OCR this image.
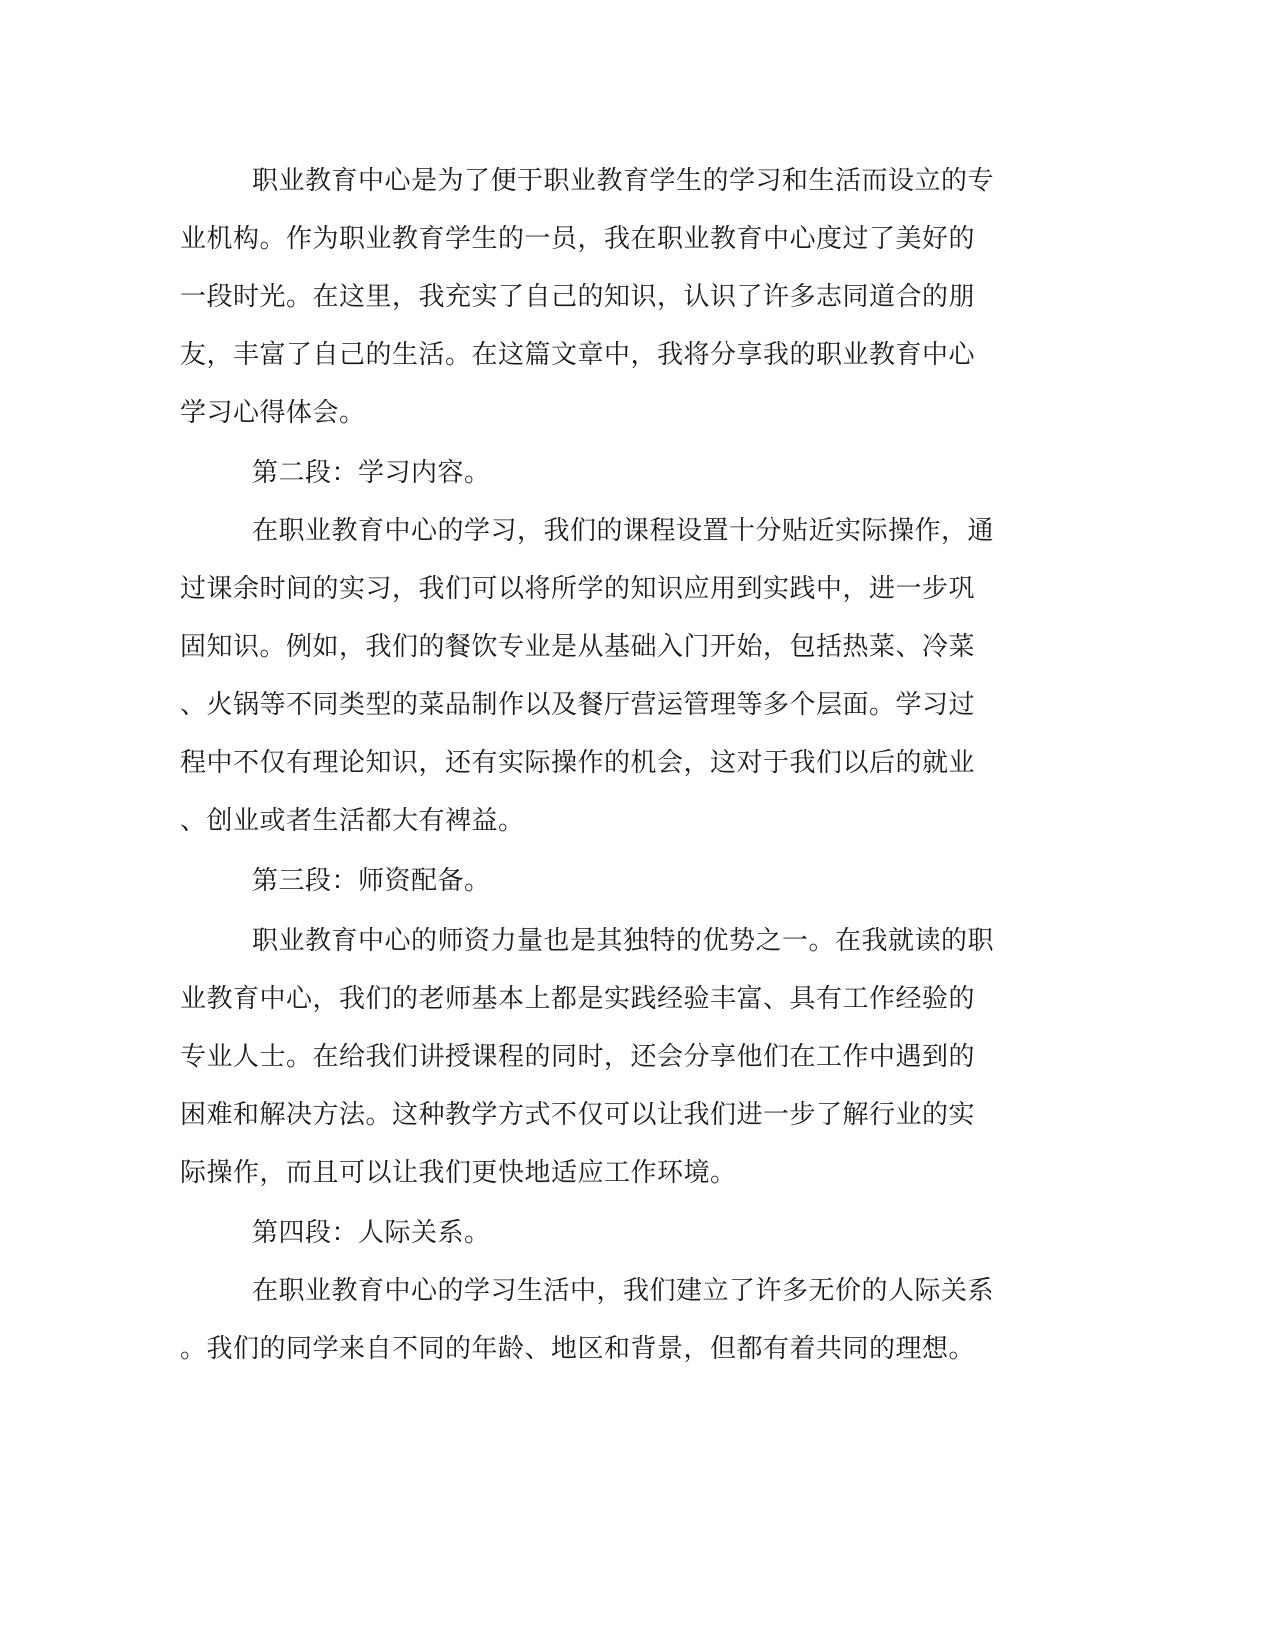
职业教育中心是为了便于职业教育学生的学习和生活而设立的专
业机构。作为职业教育学生的一员，我在职业教育中心度过了美好的
一段时光。在这里，我充实了自己的知识，认识了许多志同道合的朋
友，丰富了自己的生活。在这篇文章中，我将分享我的职业教育中心
学习心得体会。
第二段：学习内容。
在职业教育中心的学习，我们的课程设置十分贴近实际操作，通
过课余时间的实习，我们可以将所学的知识应用到实践中，进一步巩
固知识。例如，我们的餐饮专业是从基础入门开始，包括热菜、冷菜
、火锅等不同类型的菜品制作以及餐厅营运管理等多个层面。学习过
程中不仅有理论知识，还有实际操作的机会，这对于我们以后的就业
、创业或者生活都大有裨益。
第三段：师资配备。
职业教育中心的师资力量也是其独特的优势之一。在我就读的职
业教育中心，我们的老师基本上都是实践经验丰富、具有工作经验的
专业人士。在给我们讲授课程的同时，还会分享他们在工作中遇到的
困难和解决方法。这种教学方式不仅可以让我们进一步了解行业的实
际操作，而且可以让我们更快地适应工作环境。
第四段：人际关系。
在职业教育中心的学习生活中，我们建立了许多无价的人际关系
。我们的同学来自不同的年龄、地区和背景，但都有着共同的理想。
